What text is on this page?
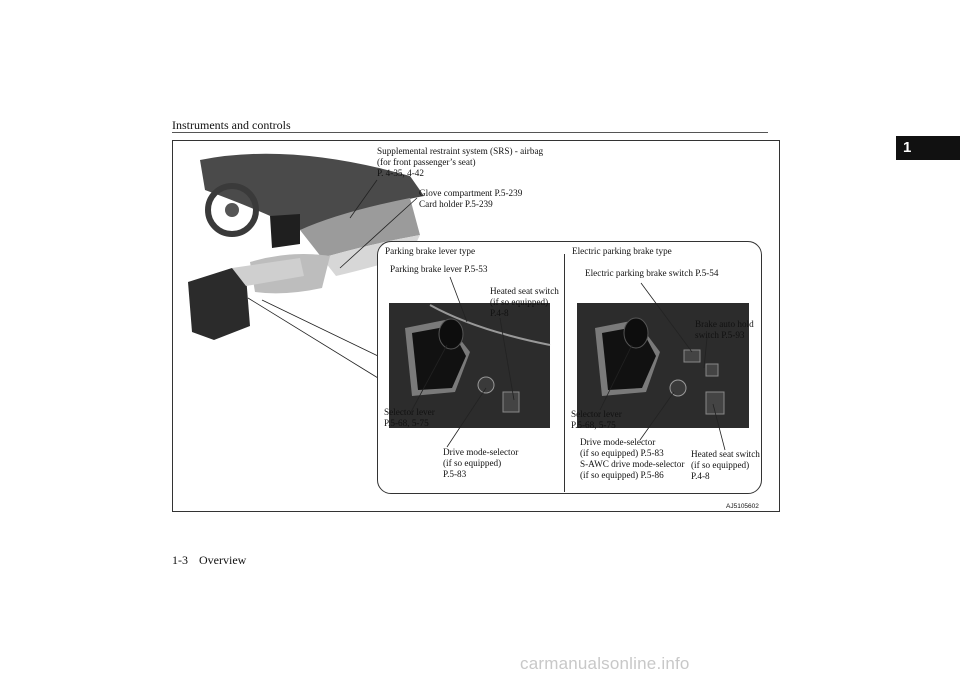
Instruments and controls
1
Supplemental restraint system (SRS) - airbag
(for front passenger’s seat)
P. 4-35, 4-42
Glove compartment P.5-239
Card holder P.5-239
Parking brake lever type
Parking brake lever P.5-53
Heated seat switch
(if so equipped)
P.4-8
Selector lever
P.5-68, 5-75
Drive mode-selector
(if so equipped)
P.5-83
Electric parking brake type
Electric parking brake switch P.5-54
Brake auto hold
switch P.5-93
Selector lever
P.5-68, 5-75
Drive mode-selector
(if so equipped) P.5-83
S-AWC drive mode-selector
(if so equipped) P.5-86
Heated seat switch
(if so equipped)
P.4-8
AJ5105602
1-3 Overview
carmanualsonline.info
